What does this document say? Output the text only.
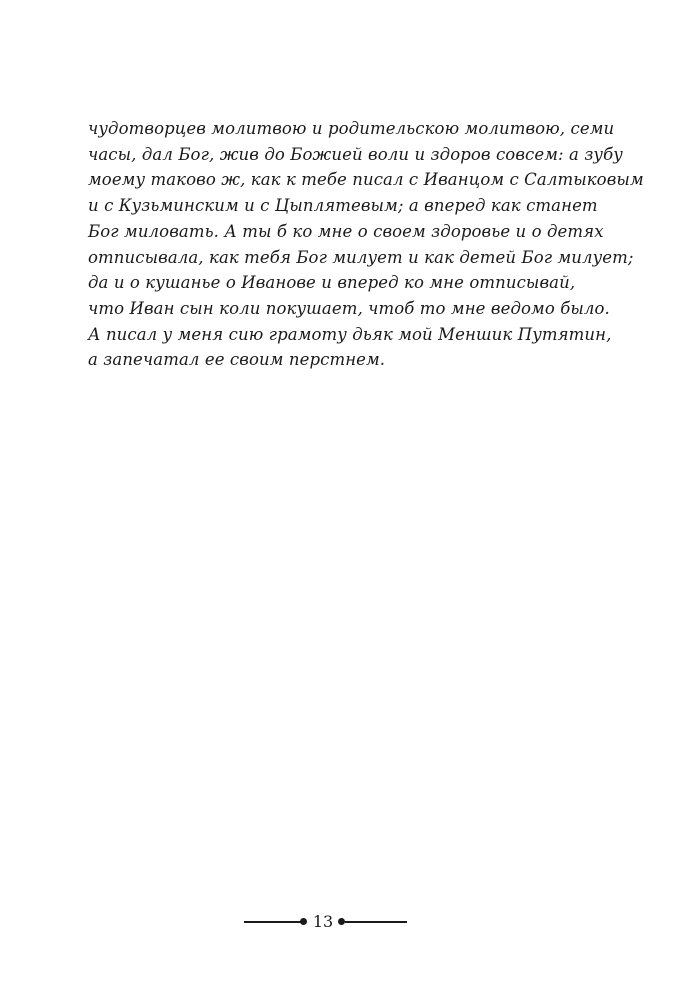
чудотворцев молитвою и родительскою молитвою, семи
часы, дал Бог, жив до Божией воли и здоров совсем: а зубу
моему таково ж, как к тебе писал с Иванцом с Салтыковым
и с Кузьминским и с Цыплятевым; а вперед как станет
Бог миловать. А ты б ко мне о своем здоровье и о детях
отписывала, как тебя Бог милует и как детей Бог милует;
да и о кушанье о Иванове и вперед ко мне отписывай,
что Иван сын коли покушает, чтоб то мне ведомо было.
А писал у меня сию грамоту дьяк мой Меншик Путятин,
а запечатал ее своим перстнем.
13
